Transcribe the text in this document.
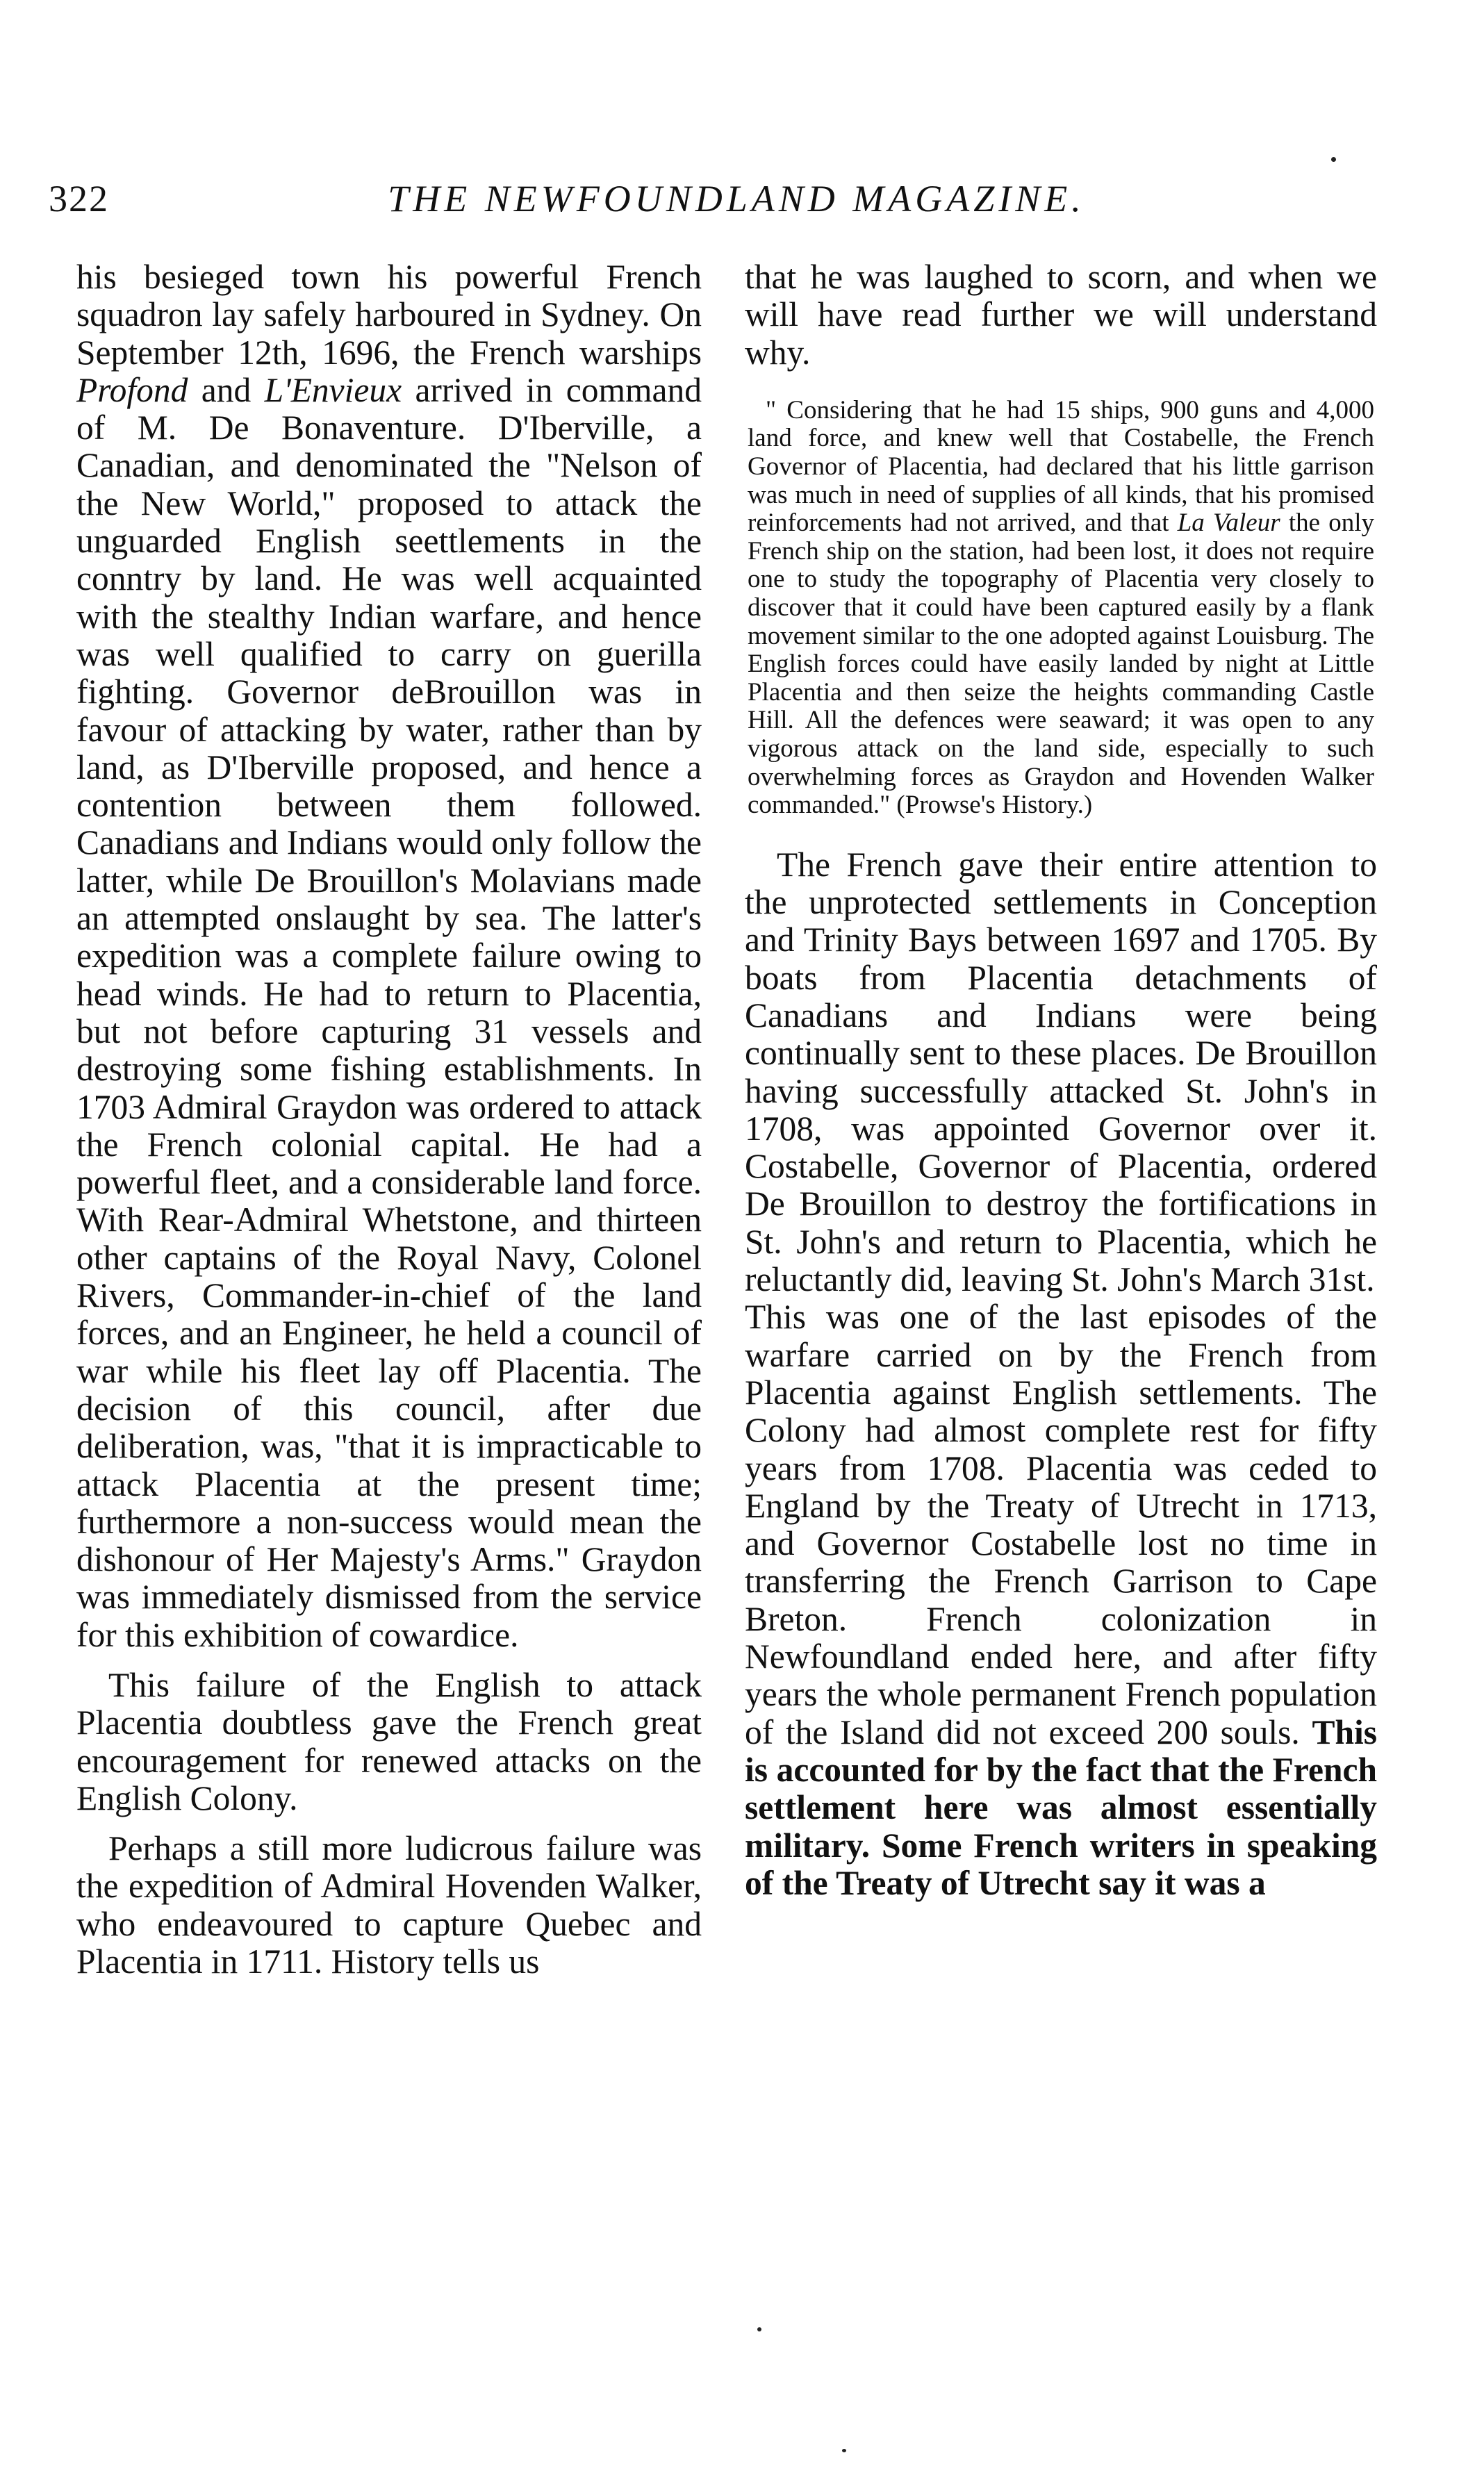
322	THE NEWFOUNDLAND MAGAZINE.

his besieged town his powerful French squadron lay safely harboured in Sydney. On September 12th, 1696, the French warships Profond and L'Envieux arrived in command of M. De Bonaventure. D'Iberville, a Canadian, and denominated the "Nelson of the New World," proposed to attack the unguarded English seettlements in the conntry by land. He was well acquainted with the stealthy Indian warfare, and hence was well qualified to carry on guerilla fighting. Governor deBrouillon was in favour of attacking by water, rather than by land, as D'Iberville proposed, and hence a contention between them followed. Canadians and Indians would only follow the latter, while De Brouillon's Molavians made an attempted onslaught by sea. The latter's expedition was a complete failure owing to head winds. He had to return to Placentia, but not before capturing 31 vessels and destroying some fishing establishments. In 1703 Admiral Graydon was ordered to attack the French colonial capital. He had a powerful fleet, and a considerable land force. With Rear-Admiral Whetstone, and thirteen other captains of the Royal Navy, Colonel Rivers, Commander-in-chief of the land forces, and an Engineer, he held a council of war while his fleet lay off Placentia. The decision of this council, after due deliberation, was, "that it is impracticable to attack Placentia at the present time; furthermore a non-success would mean the dishonour of Her Majesty's Arms." Graydon was immediately dismissed from the service for this exhibition of cowardice.

This failure of the English to attack Placentia doubtless gave the French great encouragement for renewed attacks on the English Colony.

Perhaps a still more ludicrous failure was the expedition of Admiral Hovenden Walker, who endeavoured to capture Quebec and Placentia in 1711. History tells us

that he was laughed to scorn, and when we will have read further we will understand why.

" Considering that he had 15 ships, 900 guns and 4,000 land force, and knew well that Costabelle, the French Governor of Placentia, had declared that his little garrison was much in need of supplies of all kinds, that his promised reinforcements had not arrived, and that La Valeur the only French ship on the station, had been lost, it does not require one to study the topography of Placentia very closely to discover that it could have been captured easily by a flank movement similar to the one adopted against Louisburg. The English forces could have easily landed by night at Little Placentia and then seize the heights commanding Castle Hill. All the defences were seaward; it was open to any vigorous attack on the land side, especially to such overwhelming forces as Graydon and Hovenden Walker commanded." (Prowse's History.)

The French gave their entire attention to the unprotected settlements in Conception and Trinity Bays between 1697 and 1705. By boats from Placentia detachments of Canadians and Indians were being continually sent to these places. De Brouillon having successfully attacked St. John's in 1708, was appointed Governor over it. Costabelle, Governor of Placentia, ordered De Brouillon to destroy the fortifications in St. John's and return to Placentia, which he reluctantly did, leaving St. John's March 31st.

This was one of the last episodes of the warfare carried on by the French from Placentia against English settlements. The Colony had almost complete rest for fifty years from 1708. Placentia was ceded to England by the Treaty of Utrecht in 1713, and Governor Costabelle lost no time in transferring the French Garrison to Cape Breton. French colonization in Newfoundland ended here, and after fifty years the whole permanent French population of the Island did not exceed 200 souls. This is accounted for by the fact that the French settlement here was almost essentially military. Some French writers in speaking of the Treaty of Utrecht say it was a
